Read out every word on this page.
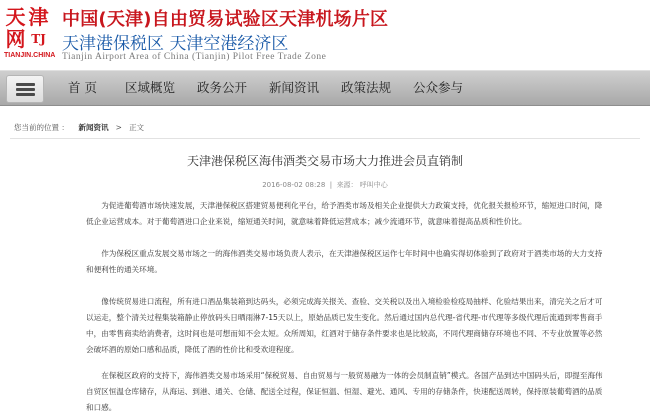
天 津
网 TJ
TIANJIN.CHINA
中国(天津)自由贸易试验区天津机场片区
天津港保税区 天津空港经济区
Tianjin Airport Area of China (Tianjin) Pilot Free Trade Zone
首 页 区域概览 政务公开 新闻资讯 政策法规 公众参与
您当前的位置 ： 新闻资讯   >   正文
天津港保税区海伟酒类交易市场大力推进会员直销制
2016-08-02 08:28  |  来源： 呼叫中心

为促进葡萄酒市场快速发展，天津港保税区搭建贸易便利化平台，给予酒类市场及相关企业提供大力政策支持，优化报关报检环节，缩短进口时间，降低企业运营成本。对于葡萄酒进口企业来说，缩短通关时间，就意味着降低运营成本；减少流通环节，就意味着提高品质和性价比。

作为保税区重点发展交易市场之一的海伟酒类交易市场负责人表示，在天津港保税区运作七年时间中也确实得切体验到了政府对于酒类市场的大力支持和便利性的通关环境。

像传统贸易进口流程，所有进口酒品集装箱到达码头，必须完成海关报关、查验、交关税以及出入境检验检疫局抽样、化验结果出来，清完关之后才可以运走，整个清关过程集装箱静止停放码头日晒雨淋7-15天以上，原始品质已发生变化。然后通过国内总代理-省代理-市代理等多级代理后流通到零售商手中，由零售商卖给消费者，这时间也是可想而知不会太短。众所周知，红酒对于储存条件要求也是比较高，不同代理商储存环境也不同、不专业放置等必然会破坏酒的原始口感和品质，降低了酒的性价比和受欢迎程度。

在保税区政府的支持下，海伟酒类交易市场采用“保税贸易、自由贸易与一般贸易融为一体的会员制直销”模式。各国产品到达中国码头后，即提至海伟自贸区恒温仓库储存，从海运、到港、通关、仓储、配送全过程，保证恒温、恒湿、避光、通风、专用的存储条件，快速配送周转，保持原装葡萄酒的品质和口感。
